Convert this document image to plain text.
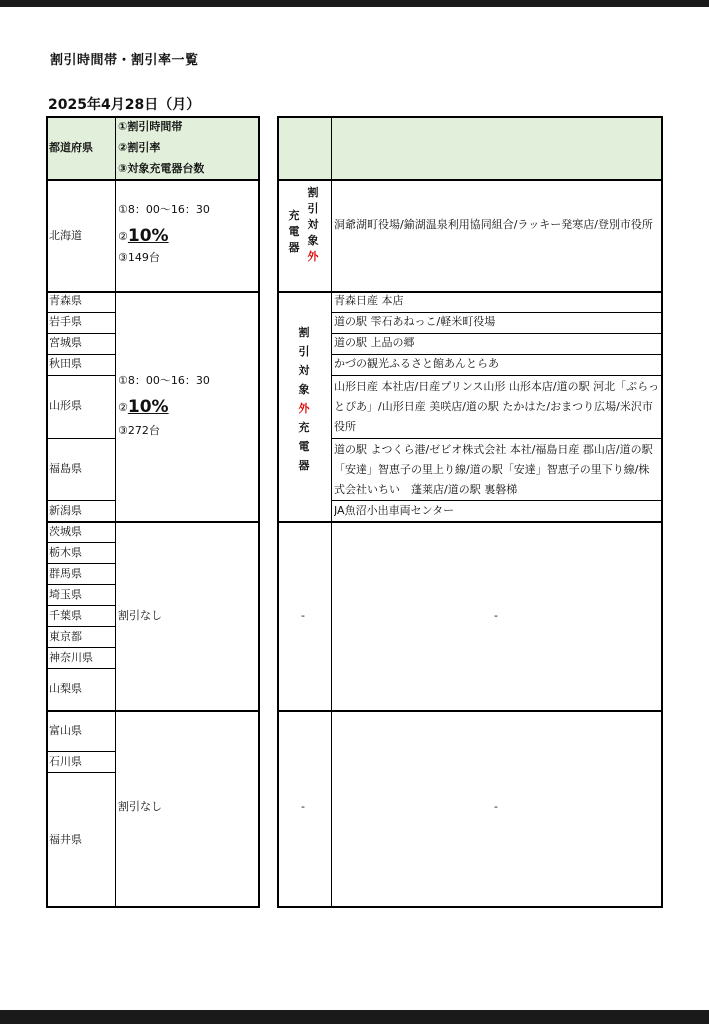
割引時間帯・割引率一覧
2025年4月28日（月）
都道府県
①割引時間帯
②割引率
③対象充電器台数
北海道
①8：00～16：30
②10%
③149台
青森県
岩手県
宮城県
秋田県
山形県
福島県
新潟県
①8：00～16：30
②10%
③272台
茨城県
栃木県
群馬県
埼玉県
千葉県
東京都
神奈川県
山梨県
割引なし
富山県
石川県
福井県
割引なし
割
引
対
象
外
充
電
器
洞爺湖町役場/鍮湖温泉利用協同組合/ラッキー発寒店/登別市役所
割
引
対
象
外
充
電
器
青森日産 本店
道の駅 雫石あねっこ/軽米町役場
道の駅 上品の郷
かづの観光ふるさと館あんとらあ
山形日産 本社店/日産プリンス山形 山形本店/道の駅 河北「ぷらっとぴあ」/山形日産 美咲店/道の駅 たかはた/おまつり広場/米沢市役所
道の駅 よつくら港/ゼビオ株式会社 本社/福島日産 郡山店/道の駅「安達」智恵子の里上り線/道の駅「安達」智恵子の里下り線/株式会社いちい　蓬莱店/道の駅 裏磐梯
JA魚沼小出車両センター
-	-
-	-
